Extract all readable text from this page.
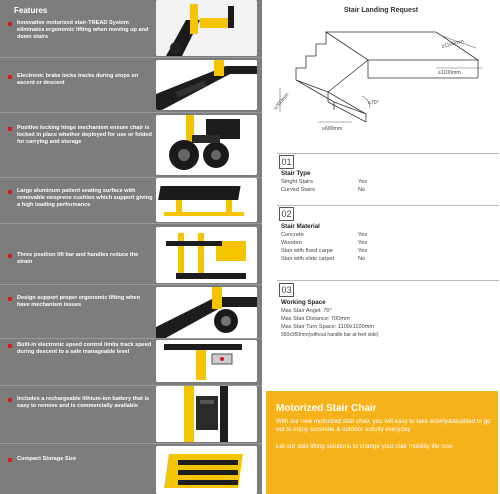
Features
Innovative motorized stair-TREAD System eliminates ergonomic lifting when moving up and down stairs
Electronic brake locks tracks during stops on ascent or descent
Positive locking hinge mechanism ensure chair is locked in place whether deployed for use or folded for carrying and storage
Large aluminum patient seating surface with removable neoprene cushion which support giving a high loading performance
Three position lift bar and handles reduce the strain
Design support proper ergonomic lifting when have mechanism issues
Built-in electronic speed control limits track speed during descent to a safe manageable level
Includes a rechargeable lithium-ion battery that is easy to remove and is commercially available
Compact Storage Size
Stair Landing Request
≥1100mm
≥1100mm
≤700mm
≥600mm
≤70°
01
Stair Type
Stright Stairs	Yes
Curved Stairs	No
02
Stair Material
Concrete	Yes
Wooden	Yes
Stair with fixed carpe	Yes
Stair with slide carpet	No
03
Working Space
Max Stair Angel: 70°
Max Stair Distance: 700mm
Max Stair Turn Space: 1100x1100mm
950x950mm(without handle bar at feet side)
Motorized Stair Chair
With our new motorized stair chair, you will easy to take elderly&disabled to go out to enjoy sunshine & outdoor activity everyday
Let our stair lifting solutions to change your stair mobility life now
